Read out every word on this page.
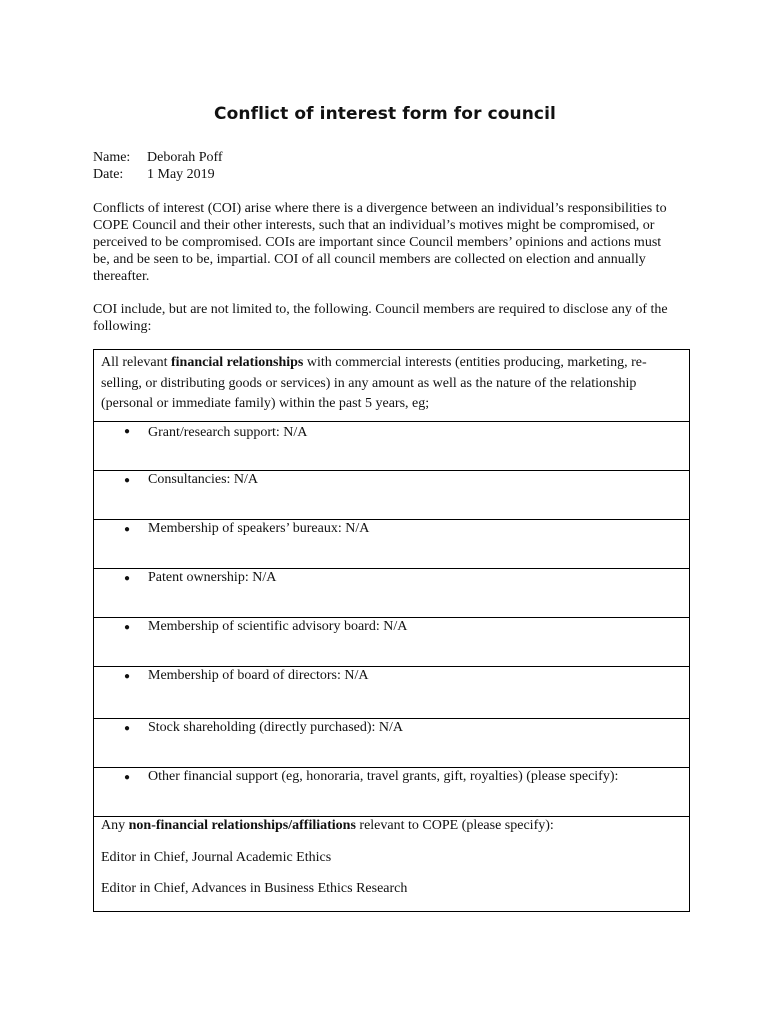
Conflict of interest form for council
Name:	Deborah Poff
Date:	1 May 2019
Conflicts of interest (COI) arise where there is a divergence between an individual’s responsibilities to COPE Council and their other interests, such that an individual’s motives might be compromised, or perceived to be compromised. COIs are important since Council members’ opinions and actions must be, and be seen to be, impartial. COI of all council members are collected on election and annually thereafter.
COI include, but are not limited to, the following. Council members are required to disclose any of the following:
All relevant financial relationships with commercial interests (entities producing, marketing, re-selling, or distributing goods or services) in any amount as well as the nature of the relationship (personal or immediate family) within the past 5 years, eg;
● Grant/research support: N/A
● Consultancies: N/A
● Membership of speakers’ bureaux: N/A
● Patent ownership: N/A
● Membership of scientific advisory board: N/A
● Membership of board of directors: N/A
● Stock shareholding (directly purchased): N/A
● Other financial support (eg, honoraria, travel grants, gift, royalties) (please specify):
Any non-financial relationships/affiliations relevant to COPE (please specify):
Editor in Chief, Journal Academic Ethics
Editor in Chief, Advances in Business Ethics Research
